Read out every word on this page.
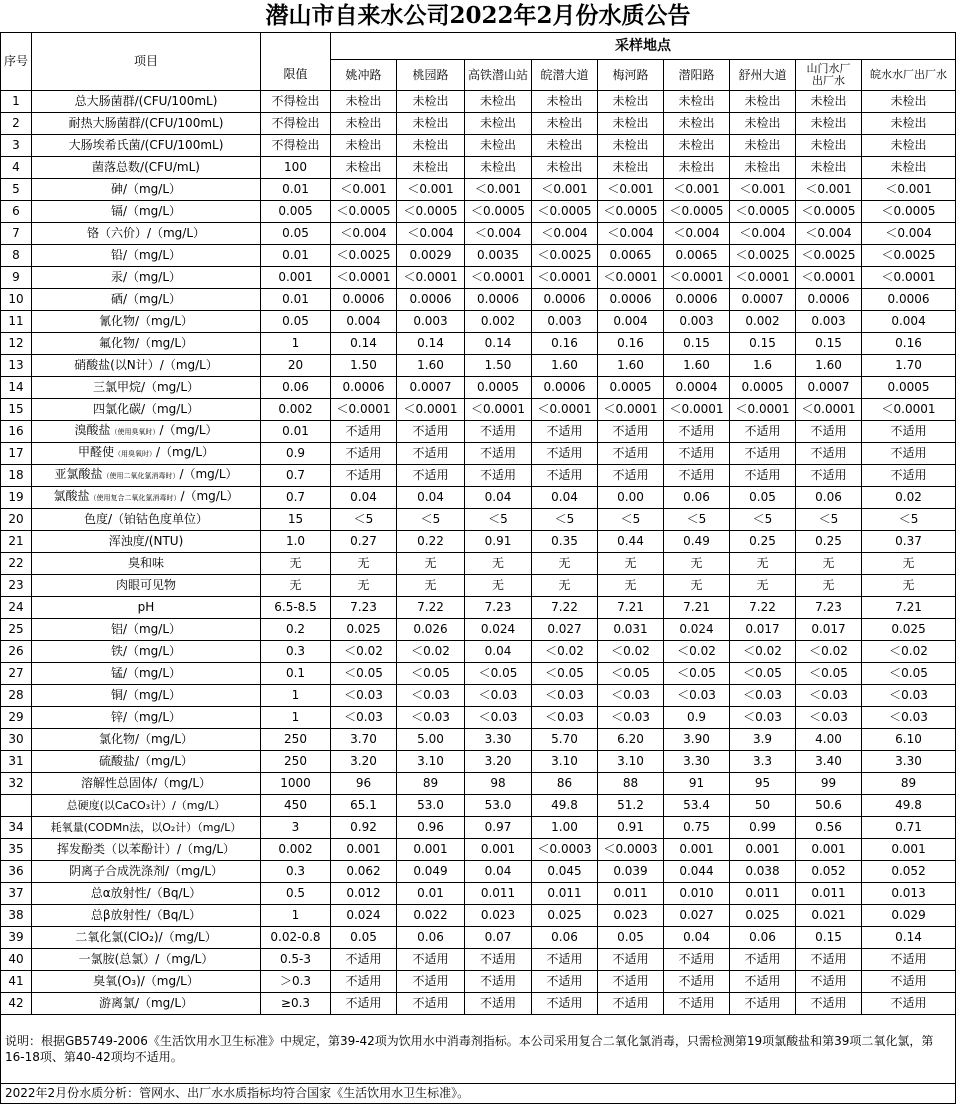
潜山市自来水公司2022年2月份水质公告
序号	项目		采样地点								
		限值	姚冲路	桃园路	高铁潜山站	皖潜大道	梅河路	潜阳路	舒州大道	山门水厂出厂水	皖水水厂出厂水
1	总大肠菌群/(CFU/100mL)	不得检出	未检出	未检出	未检出	未检出	未检出	未检出	未检出	未检出	未检出
2	耐热大肠菌群/(CFU/100mL)	不得检出	未检出	未检出	未检出	未检出	未检出	未检出	未检出	未检出	未检出
3	大肠埃希氏菌/(CFU/100mL)	不得检出	未检出	未检出	未检出	未检出	未检出	未检出	未检出	未检出	未检出
4	菌落总数/(CFU/mL)	100	未检出	未检出	未检出	未检出	未检出	未检出	未检出	未检出	未检出
5	砷/（mg/L）	0.01	＜0.001	＜0.001	＜0.001	＜0.001	＜0.001	＜0.001	＜0.001	＜0.001	＜0.001
6	镉/（mg/L）	0.005	＜0.0005	＜0.0005	＜0.0005	＜0.0005	＜0.0005	＜0.0005	＜0.0005	＜0.0005	＜0.0005
7	铬（六价）/（mg/L）	0.05	＜0.004	＜0.004	＜0.004	＜0.004	＜0.004	＜0.004	＜0.004	＜0.004	＜0.004
8	铅/（mg/L）	0.01	＜0.0025	0.0029	0.0035	＜0.0025	0.0065	0.0065	＜0.0025	＜0.0025	＜0.0025
9	汞/（mg/L）	0.001	＜0.0001	＜0.0001	＜0.0001	＜0.0001	＜0.0001	＜0.0001	＜0.0001	＜0.0001	＜0.0001
10	硒/（mg/L）	0.01	0.0006	0.0006	0.0006	0.0006	0.0006	0.0006	0.0007	0.0006	0.0006
11	氰化物/（mg/L）	0.05	0.004	0.003	0.002	0.003	0.004	0.003	0.002	0.003	0.004
12	氟化物/（mg/L）	1	0.14	0.14	0.14	0.16	0.16	0.15	0.15	0.15	0.16
13	硝酸盐(以N计）/（mg/L）	20	1.50	1.60	1.50	1.60	1.60	1.60	1.6	1.60	1.70
14	三氯甲烷/（mg/L）	0.06	0.0006	0.0007	0.0005	0.0006	0.0005	0.0004	0.0005	0.0007	0.0005
15	四氯化碳/（mg/L）	0.002	＜0.0001	＜0.0001	＜0.0001	＜0.0001	＜0.0001	＜0.0001	＜0.0001	＜0.0001	＜0.0001
16	溴酸盐（使用臭氧时）/（mg/L）	0.01	不适用	不适用	不适用	不适用	不适用	不适用	不适用	不适用	不适用
17	甲醛使（用臭氧时）/（mg/L）	0.9	不适用	不适用	不适用	不适用	不适用	不适用	不适用	不适用	不适用
18	亚氯酸盐（使用二氧化氯消毒时）/（mg/L）	0.7	不适用	不适用	不适用	不适用	不适用	不适用	不适用	不适用	不适用
19	氯酸盐（使用复合二氧化氯消毒时）/（mg/L）	0.7	0.04	0.04	0.04	0.04	0.00	0.06	0.05	0.06	0.02
20	色度/（铂钴色度单位）	15	＜5	＜5	＜5	＜5	＜5	＜5	＜5	＜5	＜5
21	浑浊度/(NTU)	1.0	0.27	0.22	0.91	0.35	0.44	0.49	0.25	0.25	0.37
22	臭和味	无	无	无	无	无	无	无	无	无	无
23	肉眼可见物	无	无	无	无	无	无	无	无	无	无
24	pH	6.5-8.5	7.23	7.22	7.23	7.22	7.21	7.21	7.22	7.23	7.21
25	铝/（mg/L）	0.2	0.025	0.026	0.024	0.027	0.031	0.024	0.017	0.017	0.025
26	铁/（mg/L）	0.3	＜0.02	＜0.02	0.04	＜0.02	＜0.02	＜0.02	＜0.02	＜0.02	＜0.02
27	锰/（mg/L）	0.1	＜0.05	＜0.05	＜0.05	＜0.05	＜0.05	＜0.05	＜0.05	＜0.05	＜0.05
28	铜/（mg/L）	1	＜0.03	＜0.03	＜0.03	＜0.03	＜0.03	＜0.03	＜0.03	＜0.03	＜0.03
29	锌/（mg/L）	1	＜0.03	＜0.03	＜0.03	＜0.03	＜0.03	0.9	＜0.03	＜0.03	＜0.03
30	氯化物/（mg/L）	250	3.70	5.00	3.30	5.70	6.20	3.90	3.9	4.00	6.10
31	硫酸盐/（mg/L）	250	3.20	3.10	3.20	3.10	3.10	3.30	3.3	3.40	3.30
32	溶解性总固体/（mg/L）	1000	96	89	98	86	88	91	95	99	89
	总硬度(以CaCO₃计）/（mg/L）	450	65.1	53.0	53.0	49.8	51.2	53.4	50	50.6	49.8
34	耗氧量(CODMn法，以O₂计）（mg/L）	3	0.92	0.96	0.97	1.00	0.91	0.75	0.99	0.56	0.71
35	挥发酚类（以苯酚计）/（mg/L）	0.002	0.001	0.001	0.001	＜0.0003	＜0.0003	0.001	0.001	0.001	0.001
36	阴离子合成洗涤剂/（mg/L）	0.3	0.062	0.049	0.04	0.045	0.039	0.044	0.038	0.052	0.052
37	总α放射性/（Bq/L）	0.5	0.012	0.01	0.011	0.011	0.011	0.010	0.011	0.011	0.013
38	总β放射性/（Bq/L）	1	0.024	0.022	0.023	0.025	0.023	0.027	0.025	0.021	0.029
39	二氧化氯(ClO₂)/（mg/L）	0.02-0.8	0.05	0.06	0.07	0.06	0.05	0.04	0.06	0.15	0.14
40	一氯胺(总氯）/（mg/L）	0.5-3	不适用	不适用	不适用	不适用	不适用	不适用	不适用	不适用	不适用
41	臭氧(O₃)/（mg/L）	＞0.3	不适用	不适用	不适用	不适用	不适用	不适用	不适用	不适用	不适用
42	游离氯/（mg/L）	≥0.3	不适用	不适用	不适用	不适用	不适用	不适用	不适用	不适用	不适用
说明：根据GB5749-2006《生活饮用水卫生标准》中规定，第39-42项为饮用水中消毒剂指标。本公司采用复合二氧化氯消毒，只需检测第19项氯酸盐和第39项二氧化氯，第16-18项、第40-42项均不适用。											
2022年2月份水质分析：管网水、出厂水水质指标均符合国家《生活饮用水卫生标准》。											
